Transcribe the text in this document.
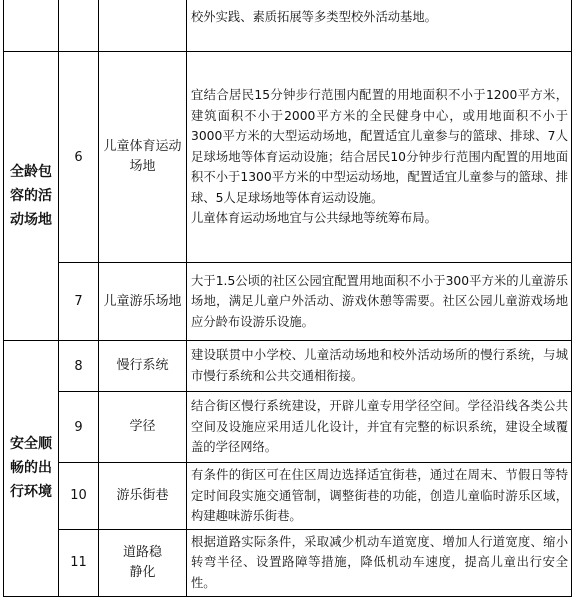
			校外实践、素质拓展等多类型校外活动基地。

全龄包容的活动场地	6	儿童体育运动场地	宜结合居民15分钟步行范围内配置的用地面积不小于1200平方米，建筑面积不小于2000平方米的全民健身中心，或用地面积不小于3000平方米的大型运动场地，配置适宜儿童参与的篮球、排球、7人足球场地等体育运动设施；结合居民10分钟步行范围内配置的用地面积不小于1300平方米的中型运动场地，配置适宜儿童参与的篮球、排球、5人足球场地等体育运动设施。
儿童体育运动场地宜与公共绿地等统筹布局。

	7	儿童游乐场地	大于1.5公顷的社区公园宜配置用地面积不小于300平方米的儿童游乐场地，满足儿童户外活动、游戏休憩等需要。社区公园儿童游戏场地应分龄布设游乐设施。

安全顺畅的出行环境	8	慢行系统	建设联贯中小学校、儿童活动场地和校外活动场所的慢行系统，与城市慢行系统和公共交通相衔接。

	9	学径	结合街区慢行系统建设，开辟儿童专用学径空间。学径沿线各类公共空间及设施应采用适儿化设计，并宜有完整的标识系统，建设全域覆盖的学径网络。

	10	游乐街巷	有条件的街区可在住区周边选择适宜街巷，通过在周末、节假日等特定时间段实施交通管制，调整街巷的功能，创造儿童临时游乐区域，构建趣味游乐街巷。

	11	道路稳静化	根据道路实际条件，采取减少机动车道宽度、增加人行道宽度、缩小转弯半径、设置路障等措施，降低机动车速度，提高儿童出行安全性。
